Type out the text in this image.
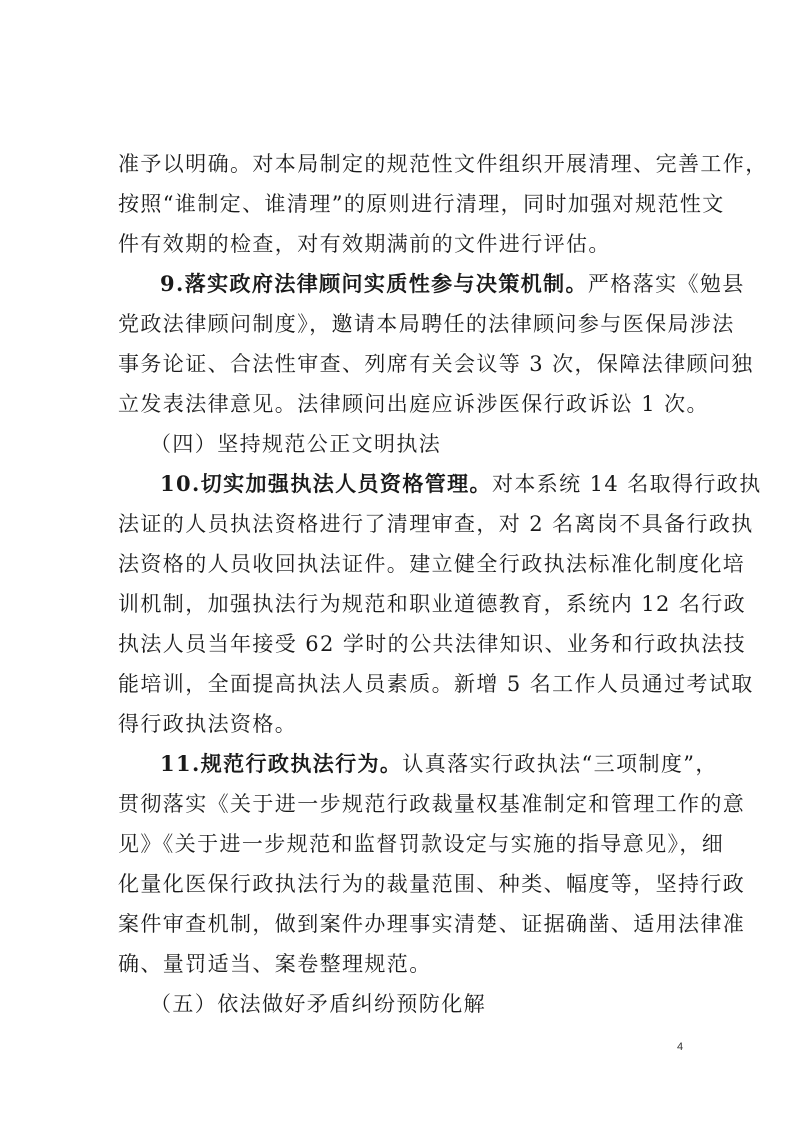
准予以明确。对本局制定的规范性文件组织开展清理、完善工作，
按照“谁制定、谁清理”的原则进行清理，同时加强对规范性文
件有效期的检查，对有效期满前的文件进行评估。
9.落实政府法律顾问实质性参与决策机制。严格落实《勉县
党政法律顾问制度》，邀请本局聘任的法律顾问参与医保局涉法
事务论证、合法性审查、列席有关会议等 3 次，保障法律顾问独
立发表法律意见。法律顾问出庭应诉涉医保行政诉讼 1 次。
（四）坚持规范公正文明执法
10.切实加强执法人员资格管理。对本系统 14 名取得行政执
法证的人员执法资格进行了清理审查，对 2 名离岗不具备行政执
法资格的人员收回执法证件。建立健全行政执法标准化制度化培
训机制，加强执法行为规范和职业道德教育，系统内 12 名行政
执法人员当年接受 62 学时的公共法律知识、业务和行政执法技
能培训，全面提高执法人员素质。新增 5 名工作人员通过考试取
得行政执法资格。
11.规范行政执法行为。认真落实行政执法“三项制度”，
贯彻落实《关于进一步规范行政裁量权基准制定和管理工作的意
见》《关于进一步规范和监督罚款设定与实施的指导意见》，细
化量化医保行政执法行为的裁量范围、种类、幅度等，坚持行政
案件审查机制，做到案件办理事实清楚、证据确凿、适用法律准
确、量罚适当、案卷整理规范。
（五）依法做好矛盾纠纷预防化解
4
